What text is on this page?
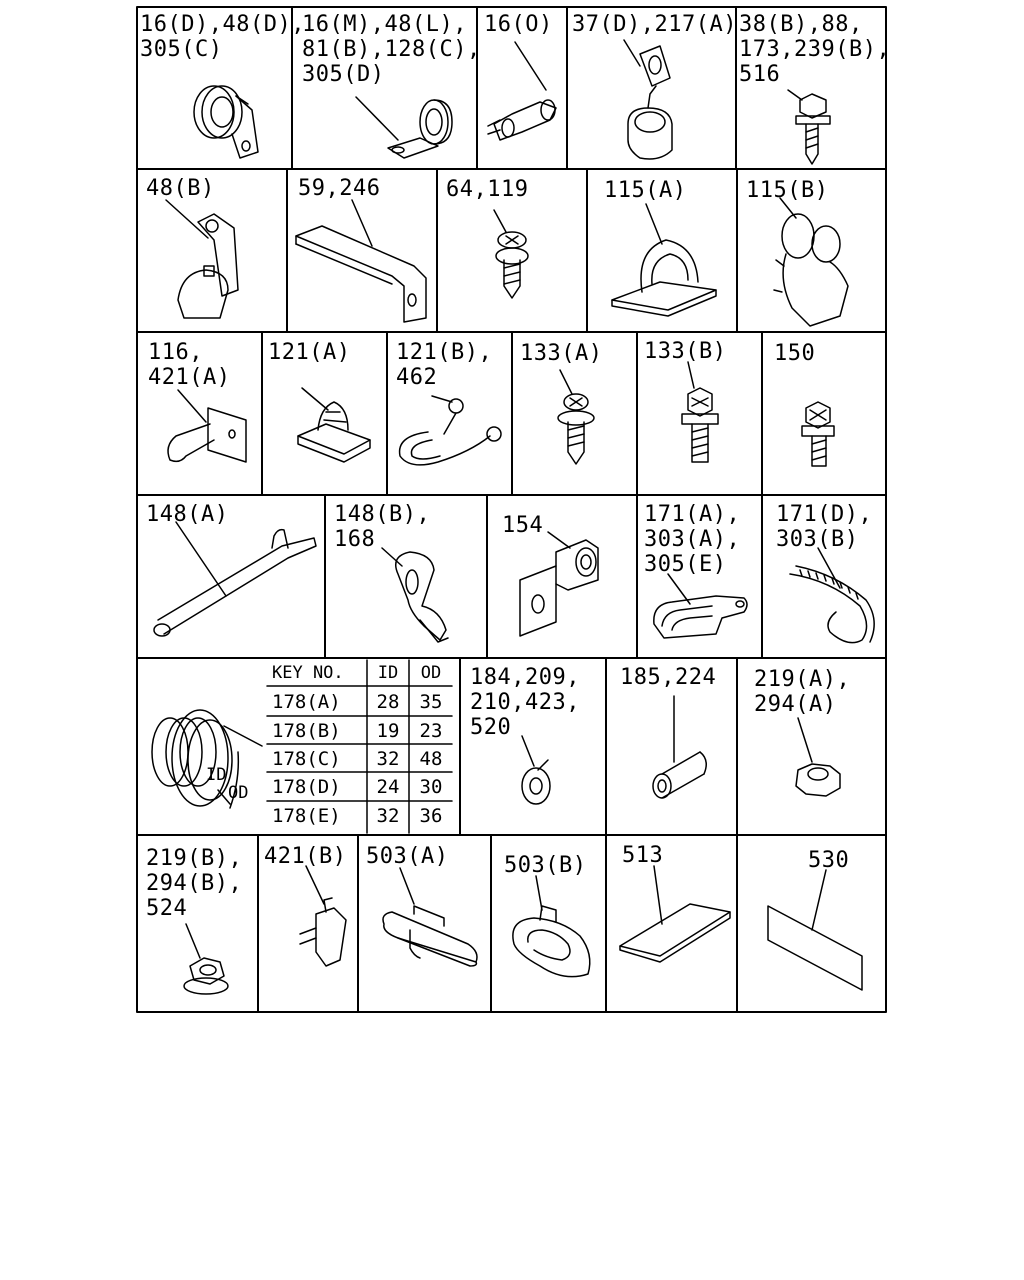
16(D),48(D),
305(C)
16(M),48(L),
81(B),128(C),
305(D)
16(O) 37(D),217(A) 38(B),88,
173,239(B),
516
48(B)	59,246	64,119	115(A)	115(B)
116,
421(A)
121(A) 121(B),
462
133(A) 133(B) 150
148(A)	148(B),
168
154	171(A),
303(A),
305(E)
171(D),
303(B)
184,209,
210,423,
520
185,224 219(A),
294(A)
219(B),
294(B),
524
421(B) 503(A)	503(B) 513	530
KEY NO.	ID	OD
178(A)	28	35
178(B)	19	23
178(C)	32	48
178(D)	24	30
178(E)	32	36
ID
OD
